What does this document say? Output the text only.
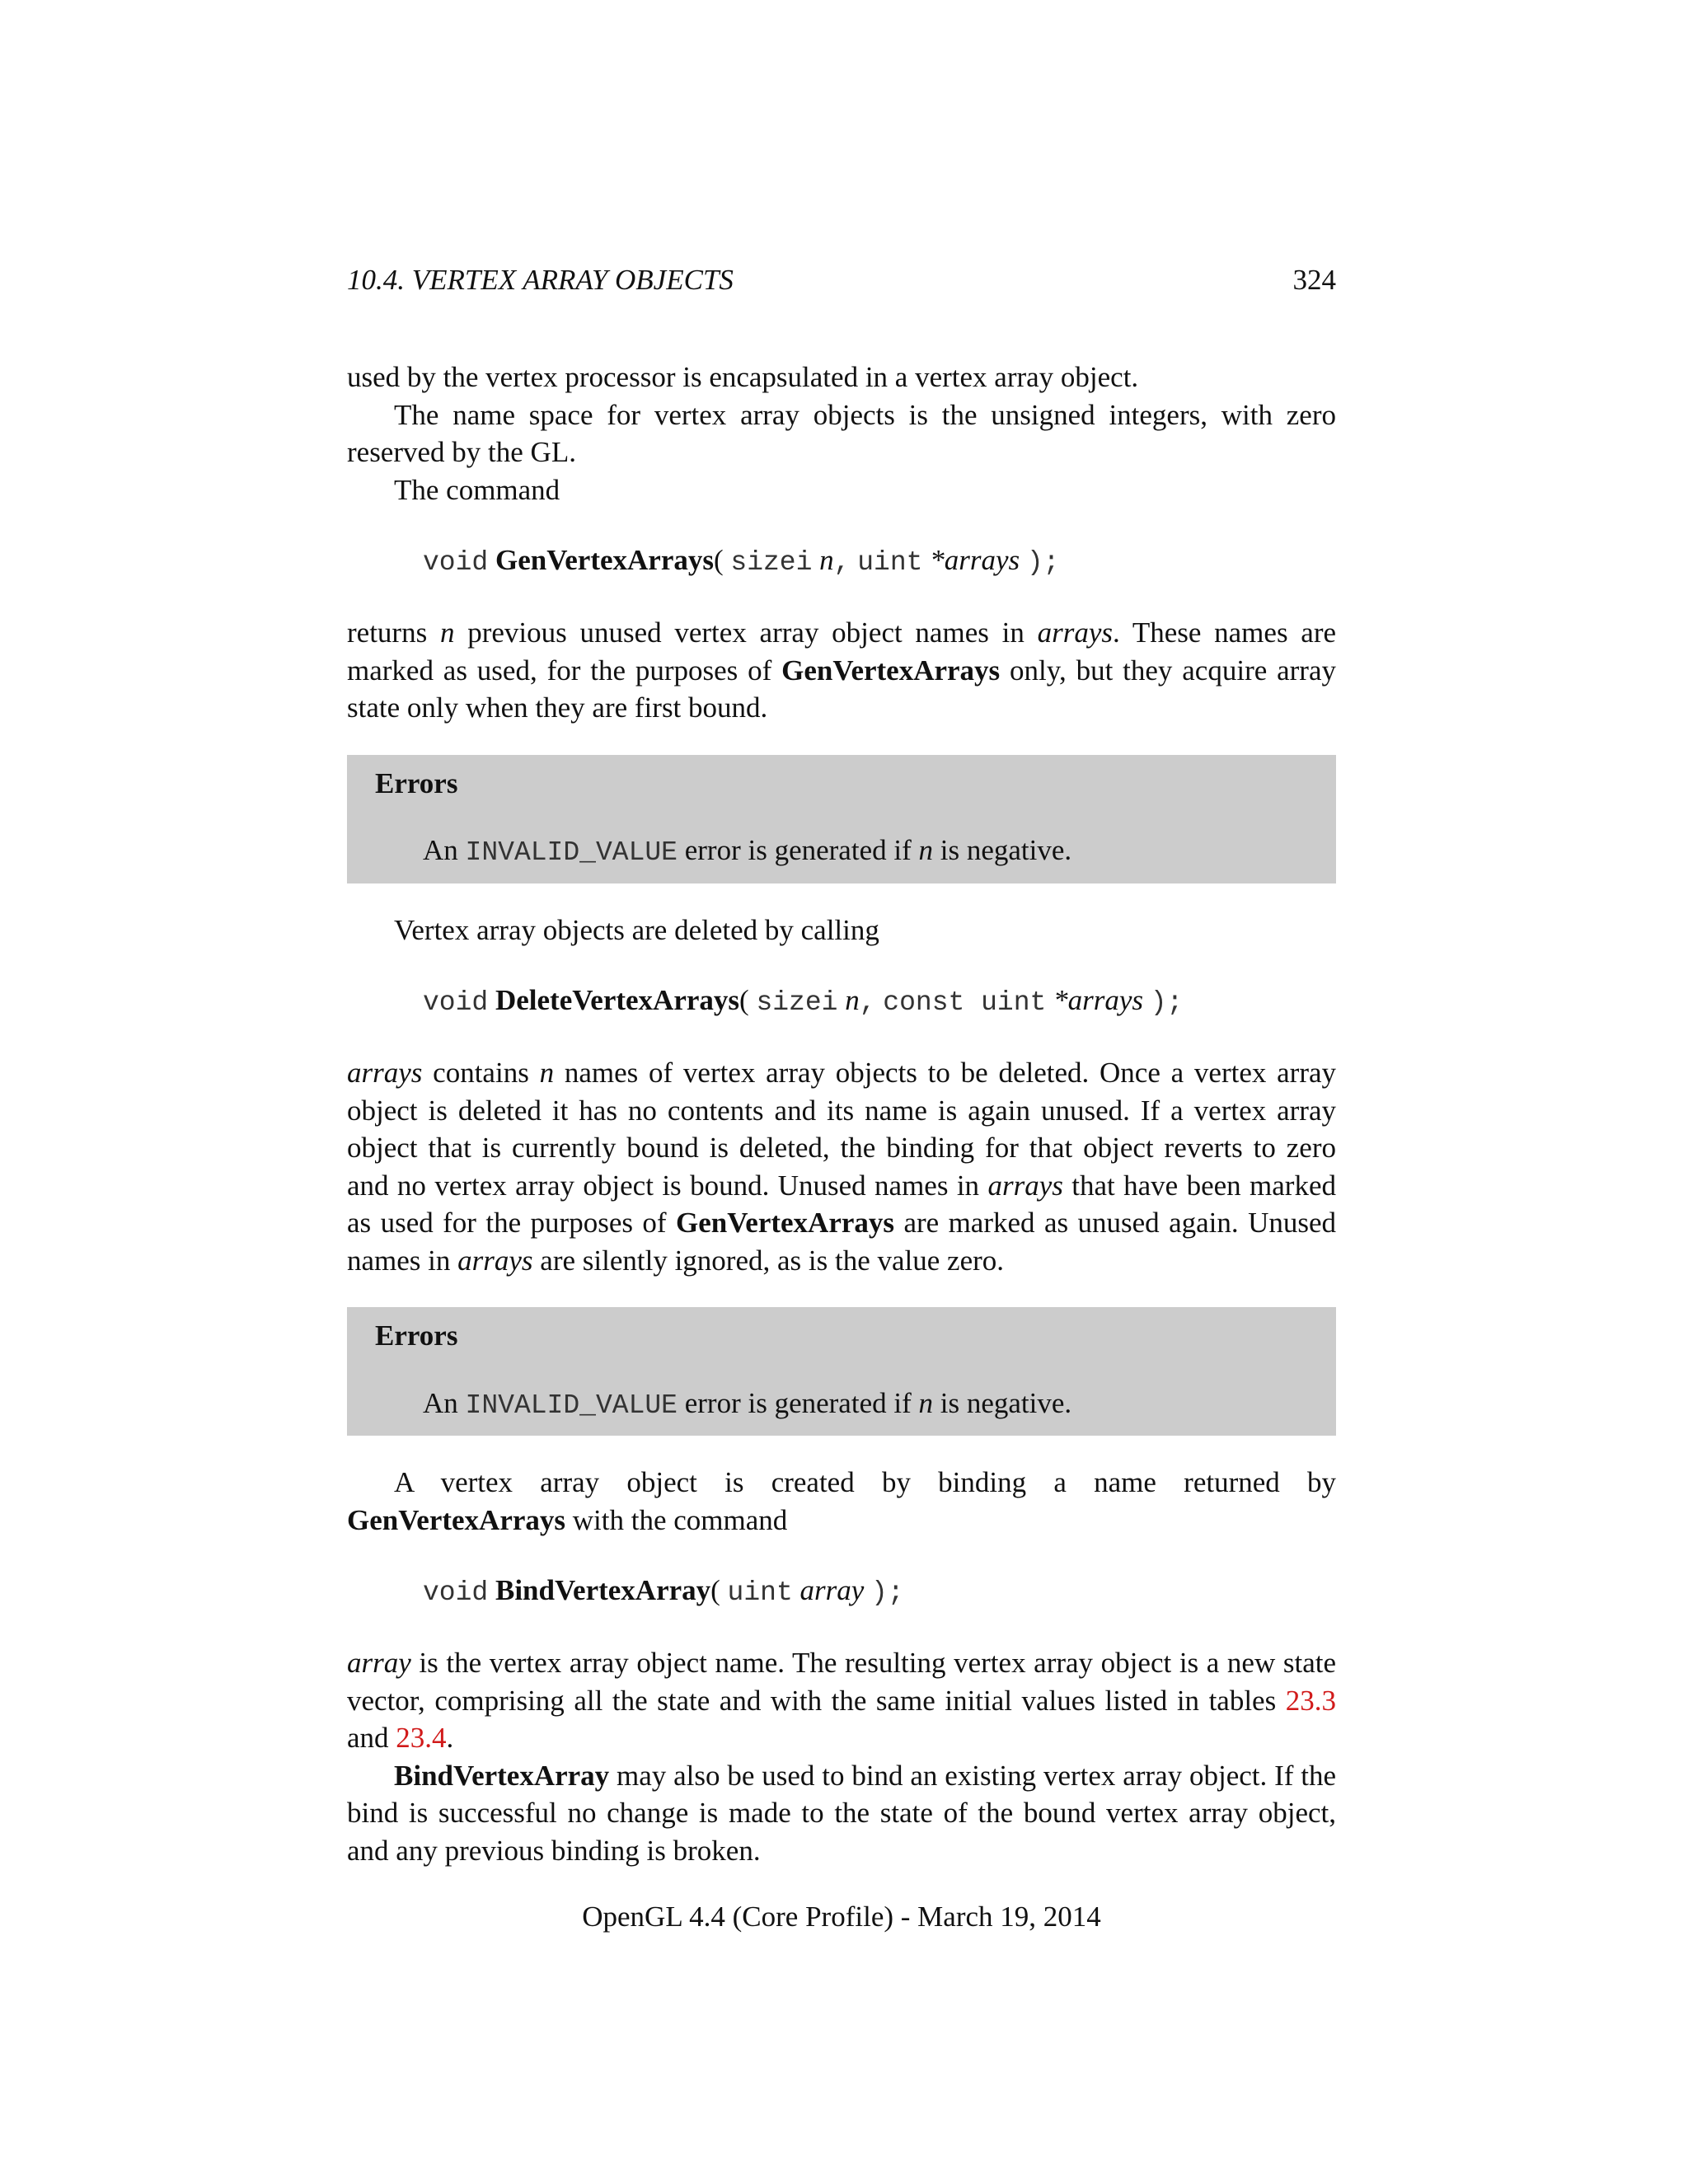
10.4. VERTEX ARRAY OBJECTS	324

used by the vertex processor is encapsulated in a vertex array object.

The name space for vertex array objects is the unsigned integers, with zero reserved by the GL.

The command

void GenVertexArrays( sizei n, uint *arrays );

returns n previous unused vertex array object names in arrays. These names are marked as used, for the purposes of GenVertexArrays only, but they acquire array state only when they are first bound.

Errors
An INVALID_VALUE error is generated if n is negative.

Vertex array objects are deleted by calling

void DeleteVertexArrays( sizei n, const uint *arrays );

arrays contains n names of vertex array objects to be deleted. Once a vertex array object is deleted it has no contents and its name is again unused. If a vertex array object that is currently bound is deleted, the binding for that object reverts to zero and no vertex array object is bound. Unused names in arrays that have been marked as used for the purposes of GenVertexArrays are marked as unused again. Unused names in arrays are silently ignored, as is the value zero.

Errors
An INVALID_VALUE error is generated if n is negative.

A vertex array object is created by binding a name returned by GenVertexArrays with the command

void BindVertexArray( uint array );

array is the vertex array object name. The resulting vertex array object is a new state vector, comprising all the state and with the same initial values listed in tables 23.3 and 23.4.

BindVertexArray may also be used to bind an existing vertex array object. If the bind is successful no change is made to the state of the bound vertex array object, and any previous binding is broken.

OpenGL 4.4 (Core Profile) - March 19, 2014
